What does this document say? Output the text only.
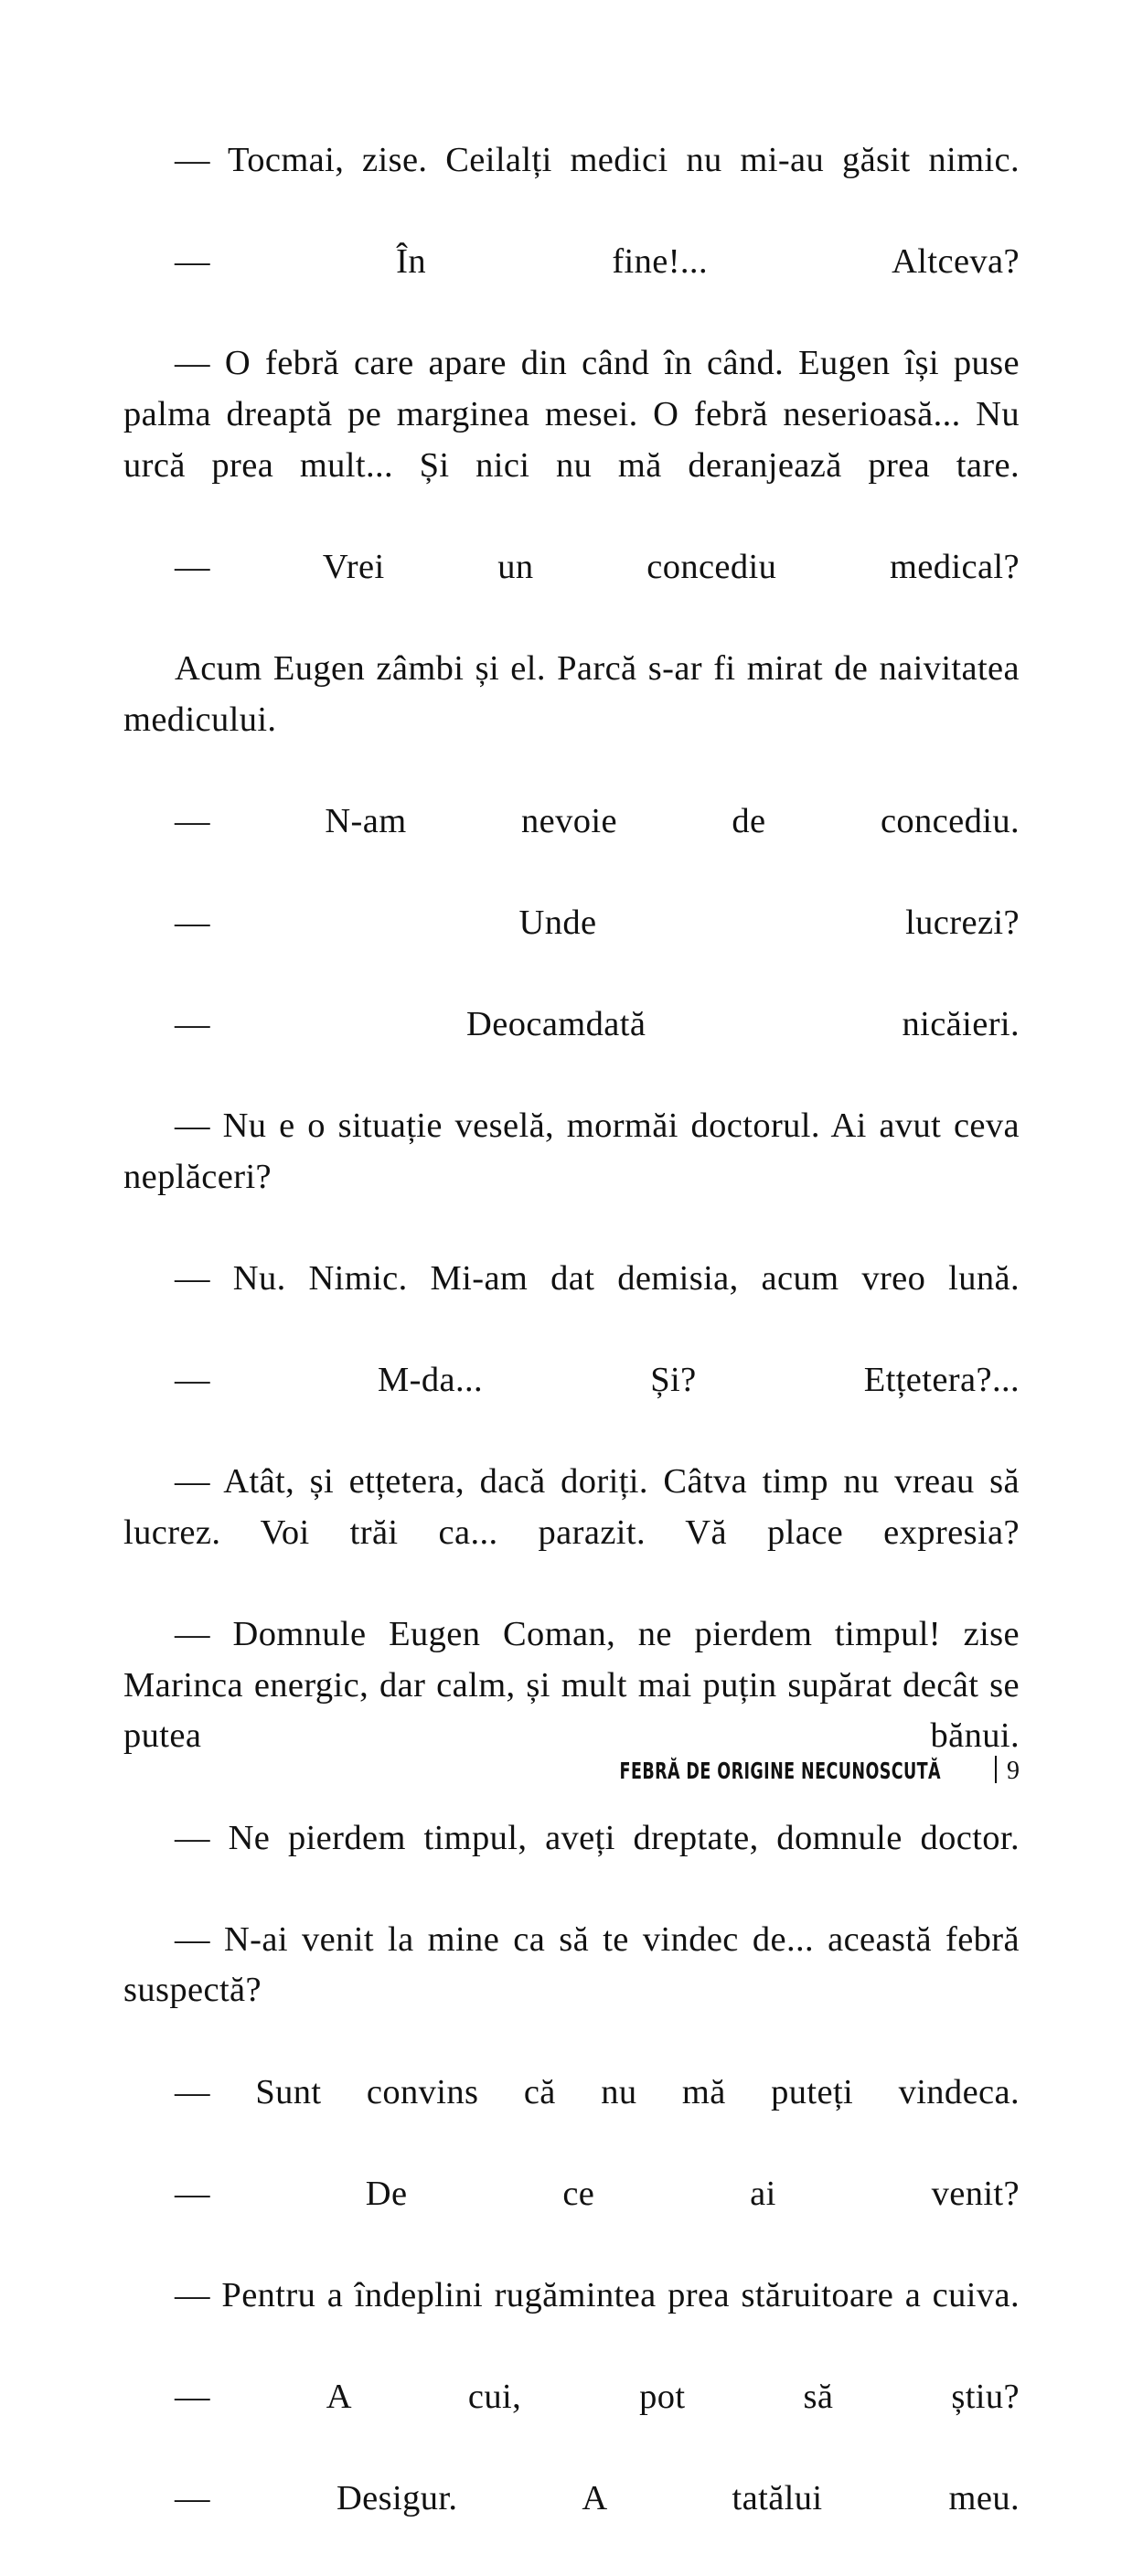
— Tocmai, zise. Ceilalți medici nu mi-au găsit nimic.

— În fine!... Altceva?

— O febră care apare din când în când. Eugen își puse palma dreaptă pe marginea mesei. O febră neserioasă... Nu urcă prea mult... Și nici nu mă deranjează prea tare.

— Vrei un concediu medical?

Acum Eugen zâmbi și el. Parcă s-ar fi mirat de naivitatea medicului.

— N-am nevoie de concediu.

— Unde lucrezi?

— Deocamdată nicăieri.

— Nu e o situație veselă, mormăi doctorul. Ai avut ceva neplăceri?

— Nu. Nimic. Mi-am dat demisia, acum vreo lună.

— M-da... Și? Etțetera?...

— Atât, și etțetera, dacă doriți. Câtva timp nu vreau să lucrez. Voi trăi ca... parazit. Vă place expresia?

— Domnule Eugen Coman, ne pierdem timpul! zise Marinca energic, dar calm, și mult mai puțin supărat decât se putea bănui.

— Ne pierdem timpul, aveți dreptate, domnule doctor.

— N-ai venit la mine ca să te vindec de... această febră suspectă?

— Sunt convins că nu mă puteți vindeca.

— De ce ai venit?

— Pentru a îndeplini rugămintea prea stăruitoare a cuiva.

— A cui, pot să știu?

— Desigur. A tatălui meu.

FEBRĂ DE ORIGINE NECUNOSCUTĂ	9
